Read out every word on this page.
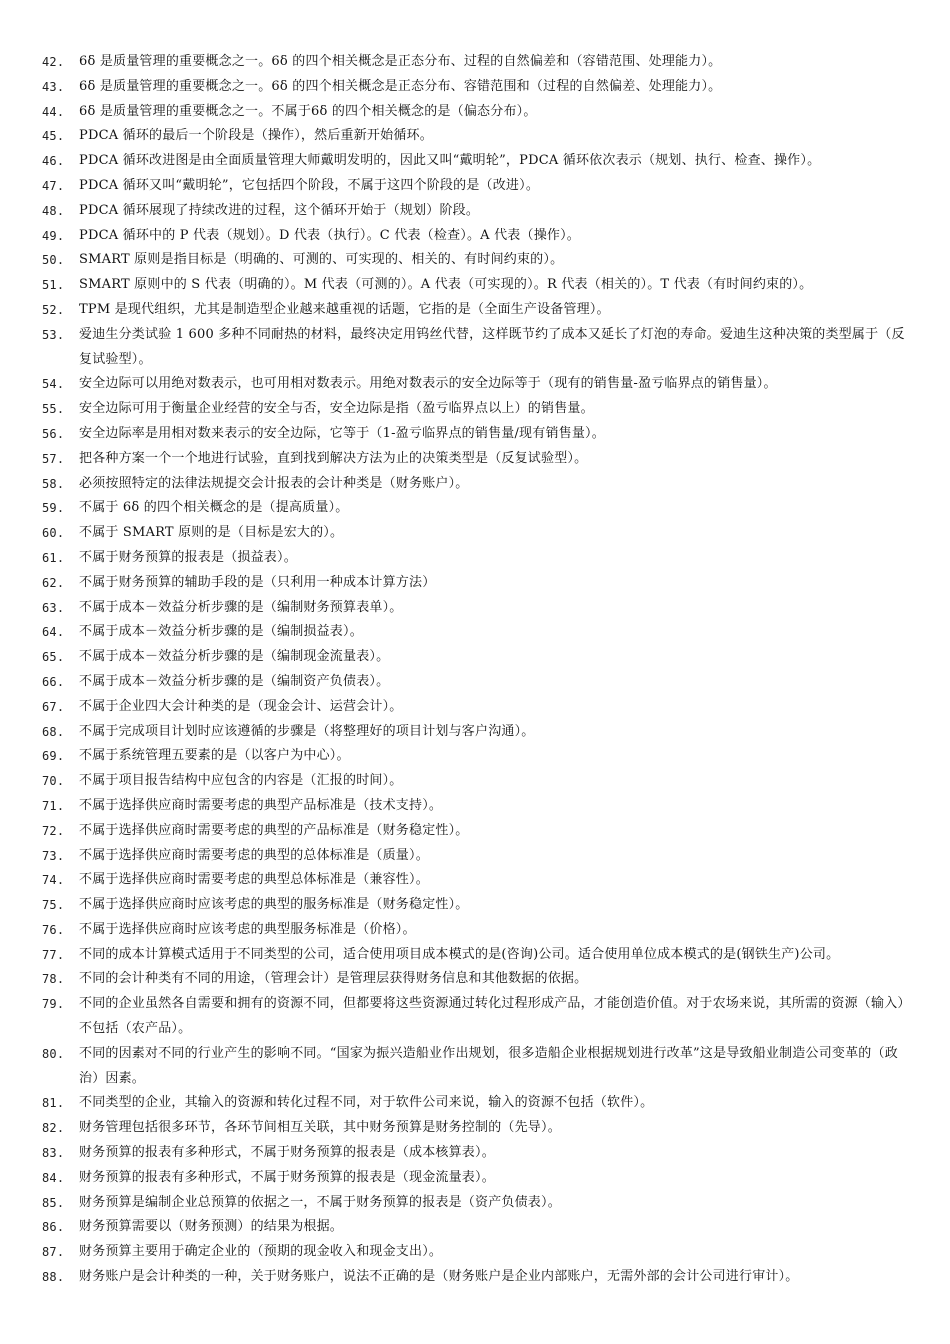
42.	6δ 是质量管理的重要概念之一。6δ 的四个相关概念是正态分布、过程的自然偏差和（容错范围、处理能力）。
43.	6δ 是质量管理的重要概念之一。6δ 的四个相关概念是正态分布、容错范围和（过程的自然偏差、处理能力）。
44.	6δ 是质量管理的重要概念之一。不属于6δ 的四个相关概念的是（偏态分布）。
45.	PDCA 循环的最后一个阶段是（操作），然后重新开始循环。
46.	PDCA 循环改进图是由全面质量管理大师戴明发明的，因此又叫“戴明轮”，PDCA 循环依次表示（规划、执行、检查、操作）。
47.	PDCA 循环又叫“戴明轮”，它包括四个阶段，不属于这四个阶段的是（改进）。
48.	PDCA 循环展现了持续改进的过程，这个循环开始于（规划）阶段。
49.	PDCA 循环中的 P 代表（规划）。D 代表（执行）。C 代表（检查）。A 代表（操作）。
50.	SMART 原则是指目标是（明确的、可测的、可实现的、相关的、有时间约束的）。
51.	SMART 原则中的 S 代表（明确的）。M 代表（可测的）。A 代表（可实现的）。R 代表（相关的）。T 代表（有时间约束的）。
52.	TPM 是现代组织，尤其是制造型企业越来越重视的话题，它指的是（全面生产设备管理）。
53.	爱迪生分类试验 1 600 多种不同耐热的材料，最终决定用钨丝代替，这样既节约了成本又延长了灯泡的寿命。爱迪生这种决策的类型属于（反复试验型）。
54.	安全边际可以用绝对数表示，也可用相对数表示。用绝对数表示的安全边际等于（现有的销售量-盈亏临界点的销售量）。
55.	安全边际可用于衡量企业经营的安全与否，安全边际是指（盈亏临界点以上）的销售量。
56.	安全边际率是用相对数来表示的安全边际，它等于（1-盈亏临界点的销售量/现有销售量）。
57.	把各种方案一个一个地进行试验，直到找到解决方法为止的决策类型是（反复试验型）。
58.	必须按照特定的法律法规提交会计报表的会计种类是（财务账户）。
59.	不属于 6δ 的四个相关概念的是（提高质量）。
60.	不属于 SMART 原则的是（目标是宏大的）。
61.	不属于财务预算的报表是（损益表）。
62.	不属于财务预算的辅助手段的是（只利用一种成本计算方法）
63.	不属于成本－效益分析步骤的是（编制财务预算表单）。
64.	不属于成本－效益分析步骤的是（编制损益表）。
65.	不属于成本－效益分析步骤的是（编制现金流量表）。
66.	不属于成本－效益分析步骤的是（编制资产负债表）。
67.	不属于企业四大会计种类的是（现金会计、运营会计）。
68.	不属于完成项目计划时应该遵循的步骤是（将整理好的项目计划与客户沟通）。
69.	不属于系统管理五要素的是（以客户为中心）。
70.	不属于项目报告结构中应包含的内容是（汇报的时间）。
71.	不属于选择供应商时需要考虑的典型产品标准是（技术支持）。
72.	不属于选择供应商时需要考虑的典型的产品标准是（财务稳定性）。
73.	不属于选择供应商时需要考虑的典型的总体标准是（质量）。
74.	不属于选择供应商时需要考虑的典型总体标准是（兼容性）。
75.	不属于选择供应商时应该考虑的典型的服务标准是（财务稳定性）。
76.	不属于选择供应商时应该考虑的典型服务标准是（价格）。
77.	不同的成本计算模式适用于不同类型的公司，适合使用项目成本模式的是(咨询)公司。适合使用单位成本模式的是(钢铁生产)公司。
78.	不同的会计种类有不同的用途，（管理会计）是管理层获得财务信息和其他数据的依据。
79.	不同的企业虽然各自需要和拥有的资源不同，但都要将这些资源通过转化过程形成产品，才能创造价值。对于农场来说，其所需的资源（输入）不包括（农产品）。
80.	不同的因素对不同的行业产生的影响不同。“国家为振兴造船业作出规划，很多造船企业根据规划进行改革”这是导致船业制造公司变革的（政治）因素。
81.	不同类型的企业，其输入的资源和转化过程不同，对于软件公司来说，输入的资源不包括（软件）。
82.	财务管理包括很多环节，各环节间相互关联，其中财务预算是财务控制的（先导）。
83.	财务预算的报表有多种形式，不属于财务预算的报表是（成本核算表）。
84.	财务预算的报表有多种形式，不属于财务预算的报表是（现金流量表）。
85.	财务预算是编制企业总预算的依据之一，不属于财务预算的报表是（资产负债表）。
86.	财务预算需要以（财务预测）的结果为根据。
87.	财务预算主要用于确定企业的（预期的现金收入和现金支出）。
88.	财务账户是会计种类的一种，关于财务账户，说法不正确的是（财务账户是企业内部账户，无需外部的会计公司进行审计）。
